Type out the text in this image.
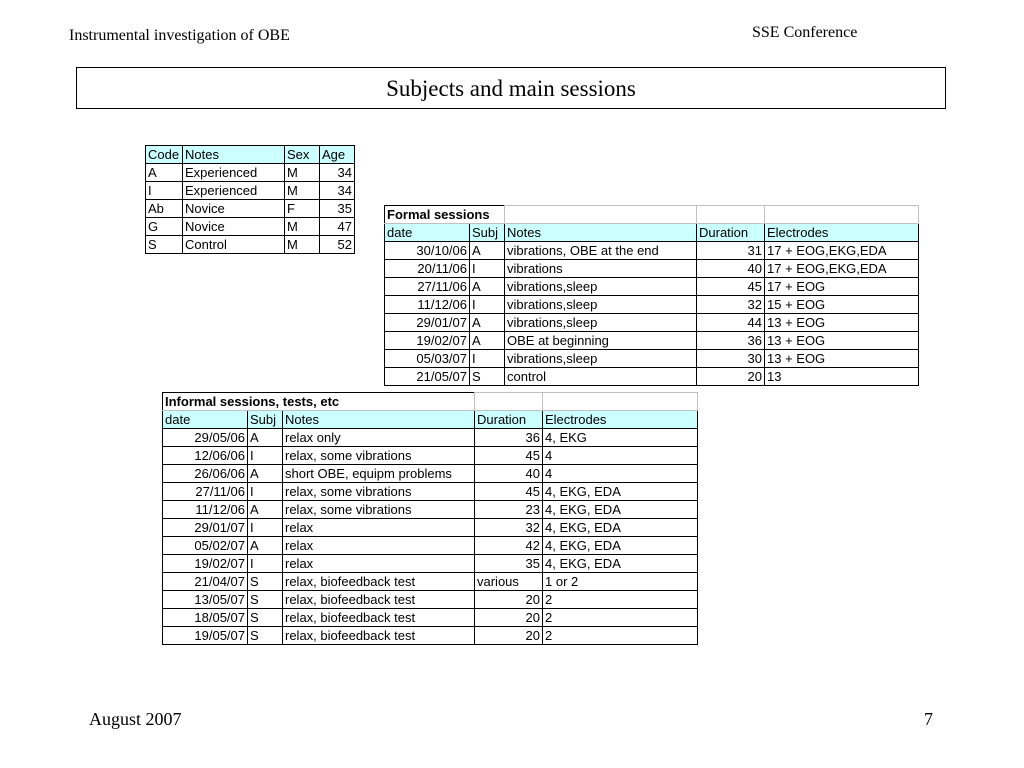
Instrumental investigation of OBE	SSE Conference
Subjects and main sessions
Code	Notes	Sex	Age
A	Experienced	M	34
I	Experienced	M	34
Ab	Novice	F	35
G	Novice	M	47
S	Control	M	52
Formal sessions				
date	Subj	Notes	Duration	Electrodes
30/10/06	A	vibrations, OBE at the end	31	17 + EOG,EKG,EDA
20/11/06	I	vibrations	40	17 + EOG,EKG,EDA
27/11/06	A	vibrations,sleep	45	17 + EOG
11/12/06	I	vibrations,sleep	32	15 + EOG
29/01/07	A	vibrations,sleep	44	13 + EOG
19/02/07	A	OBE at beginning	36	13 + EOG
05/03/07	I	vibrations,sleep	30	13 + EOG
21/05/07	S	control	20	13
Informal sessions, tests, etc				
date	Subj	Notes	Duration	Electrodes
29/05/06	A	relax only	36	4, EKG
12/06/06	I	relax, some vibrations	45	4
26/06/06	A	short OBE, equipm problems	40	4
27/11/06	I	relax, some vibrations	45	4, EKG, EDA
11/12/06	A	relax, some vibrations	23	4, EKG, EDA
29/01/07	I	relax	32	4, EKG, EDA
05/02/07	A	relax	42	4, EKG, EDA
19/02/07	I	relax	35	4, EKG, EDA
21/04/07	S	relax, biofeedback test	various	1 or 2
13/05/07	S	relax, biofeedback test	20	2
18/05/07	S	relax, biofeedback test	20	2
19/05/07	S	relax, biofeedback test	20	2
August 2007	7
